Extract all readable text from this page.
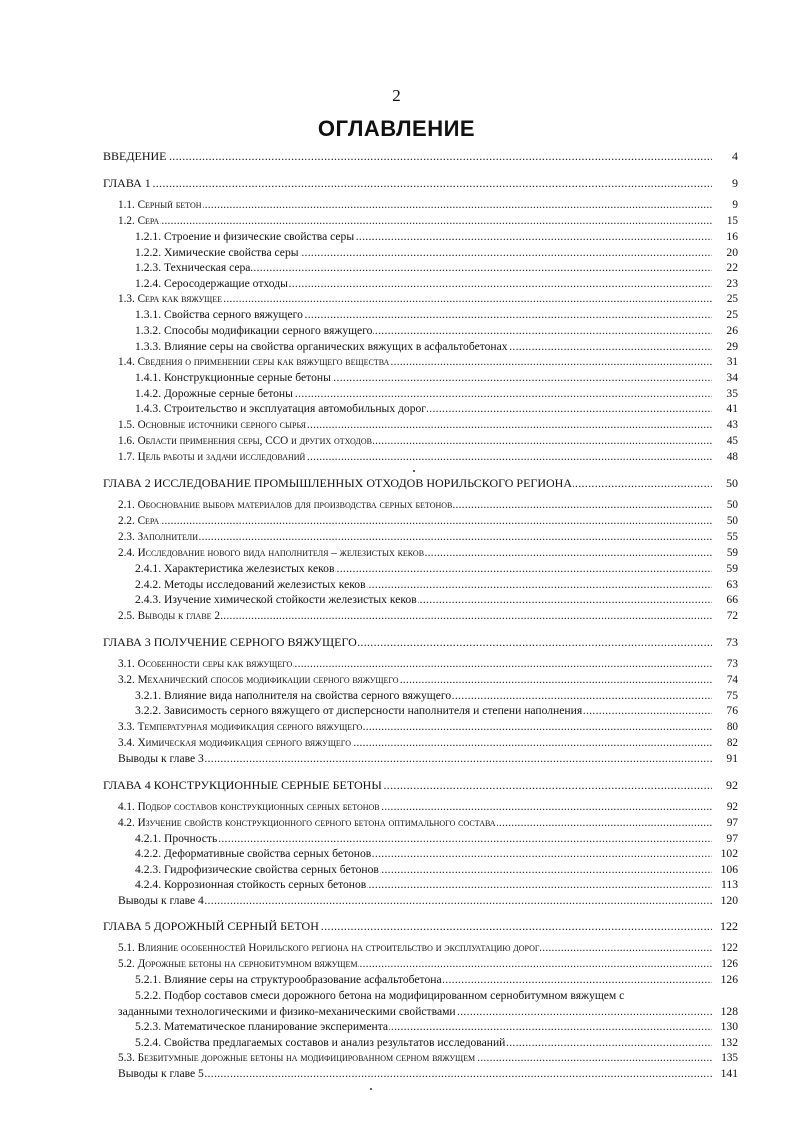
2
ОГЛАВЛЕНИЕ
.....
ВВЕДЕНИЕ	4
.....
ГЛАВА 1	9
.....
1.1. Серный бетон	9
.....
1.2. Сера	15
.....
1.2.1. Строение и физические свойства серы	16
.....
1.2.2. Химические свойства серы	20
.....
1.2.3. Техническая сера	22
.....
1.2.4. Серосодержащие отходы	23
.....
1.3. Сера как вяжущее	25
.....
1.3.1. Свойства серного вяжущего	25
.....
1.3.2. Способы модификации серного вяжущего	26
.....
1.3.3. Влияние серы на свойства органических вяжущих в асфальтобетонах	29
.....
1.4. Сведения о применении серы как вяжущего вещества	31
.....
1.4.1. Конструкционные серные бетоны	34
.....
1.4.2. Дорожные серные бетоны	35
.....
1.4.3. Строительство и эксплуатация автомобильных дорог	41
.....
1.5. Основные источники серного сырья	43
.....
1.6. Области применения серы, ССО и других отходов	45
.....
1.7. Цель работы и задачи исследований	48
.....
ГЛАВА 2 ИССЛЕДОВАНИЕ ПРОМЫШЛЕННЫХ ОТХОДОВ НОРИЛЬСКОГО РЕГИОНА	50
.....
2.1. Обоснование выбора материалов для производства серных бетонов	50
.....
2.2. Сера	50
.....
2.3. Заполнители	55
.....
2.4. Исследование нового вида наполнителя – железистых кеков	59
.....
2.4.1. Характеристика железистых кеков	59
.....
2.4.2. Методы исследований железистых кеков	63
.....
2.4.3. Изучение химической стойкости железистых кеков	66
.....
2.5. Выводы к главе 2	72
.....
ГЛАВА 3 ПОЛУЧЕНИЕ СЕРНОГО ВЯЖУЩЕГО	73
.....
3.1. Особенности серы как вяжущего	73
.....
3.2. Механический способ модификации серного вяжущего	74
.....
3.2.1. Влияние вида наполнителя на свойства серного вяжущего	75
.....
3.2.2. Зависимость серного вяжущего от дисперсности наполнителя и степени наполнения	76
.....
3.3. Температурная модификация серного вяжущего	80
.....
3.4. Химическая модификация серного вяжущего	82
.....
Выводы к главе 3	91
.....
ГЛАВА 4 КОНСТРУКЦИОННЫЕ СЕРНЫЕ БЕТОНЫ	92
.....
4.1. Подбор составов конструкционных серных бетонов	92
.....
4.2. Изучение свойств конструкционного серного бетона оптимального состава	97
.....
4.2.1. Прочность	97
.....
4.2.2. Деформативные свойства серных бетонов	102
.....
4.2.3. Гидрофизические свойства серных бетонов	106
.....
4.2.4. Коррозионная стойкость серных бетонов	113
.....
Выводы к главе 4	120
.....
ГЛАВА 5 ДОРОЖНЫЙ СЕРНЫЙ БЕТОН	122
.....
5.1. Влияние особенностей Норильского региона на строительство и эксплуатацию дорог	122
.....
5.2. Дорожные бетоны на сернобитумном вяжущем	126
.....
5.2.1. Влияние серы на структурообразование асфальтобетона	126
5.2.2. Подбор составов смеси дорожного бетона на модифицированном сернобитумном вяжущем с
.....
заданными технологическими и физико-механическими свойствами	128
.....
5.2.3. Математическое планирование эксперимента	130
.....
5.2.4. Свойства предлагаемых составов и анализ результатов исследований	132
.....
5.3. Безбитумные дорожные бетоны на модифицированном серном вяжущем	135
.....
Выводы к главе 5	141
